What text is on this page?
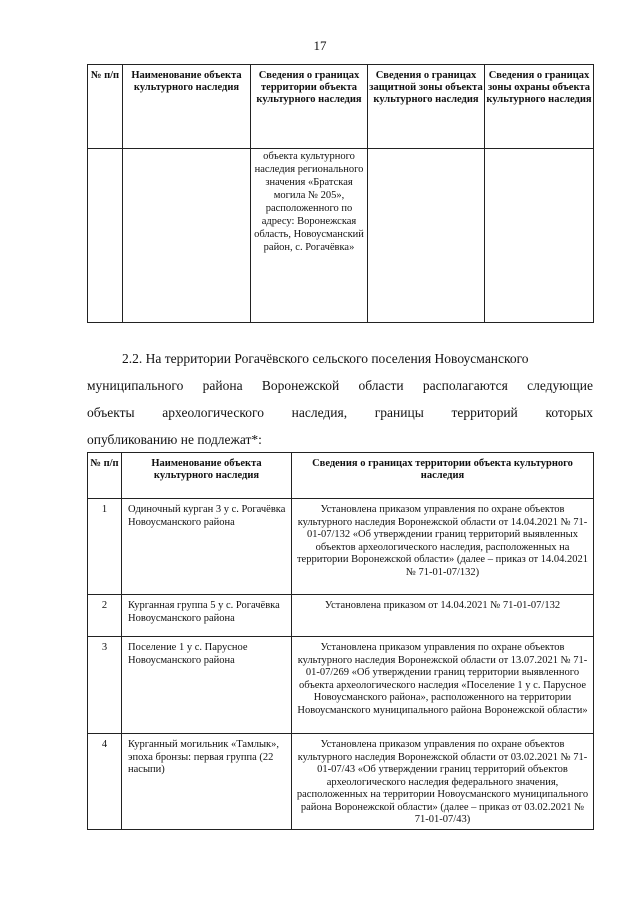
17
№ п/п	Наименование объекта культурного наследия	Сведения о границах территории объекта культурного наследия	Сведения о границах защитной зоны объекта культурного наследия	Сведения о границах зоны охраны объекта культурного наследия
		объекта культурного наследия регионального значения «Братская могила № 205», расположенного по адресу: Воронежская область, Новоусманский район, с. Рогачёвка»		
2.2. На территории Рогачёвского сельского поселения Новоусманского
муниципального района Воронежской области располагаются следующие
объекты археологического наследия, границы территорий которых
опубликованию не подлежат*:
№ п/п	Наименование объекта культурного наследия	Сведения о границах территории объекта культурного наследия
1	Одиночный курган 3 у с. Рогачёвка Новоусманского района	Установлена приказом управления по охране объектов культурного наследия Воронежской области от 14.04.2021 № 71-01-07/132 «Об утверждении границ территорий выявленных объектов археологического наследия, расположенных на территории Воронежской области» (далее – приказ от 14.04.2021 № 71-01-07/132)
2	Курганная группа 5 у с. Рогачёвка Новоусманского района	Установлена приказом от 14.04.2021 № 71-01-07/132
3	Поселение 1 у с. Парусное Новоусманского района	Установлена приказом управления по охране объектов культурного наследия Воронежской области от 13.07.2021 № 71-01-07/269 «Об утверждении границ территории выявленного объекта археологического наследия «Поселение 1 у с. Парусное Новоусманского района», расположенного на территории Новоусманского муниципального района Воронежской области»
4	Курганный могильник «Тамлык», эпоха бронзы: первая группа (22 насыпи)	Установлена приказом управления по охране объектов культурного наследия Воронежской области от 03.02.2021 № 71-01-07/43 «Об утверждении границ территорий объектов археологического наследия федерального значения, расположенных на территории Новоусманского муниципального района Воронежской области» (далее – приказ от 03.02.2021 № 71-01-07/43)
